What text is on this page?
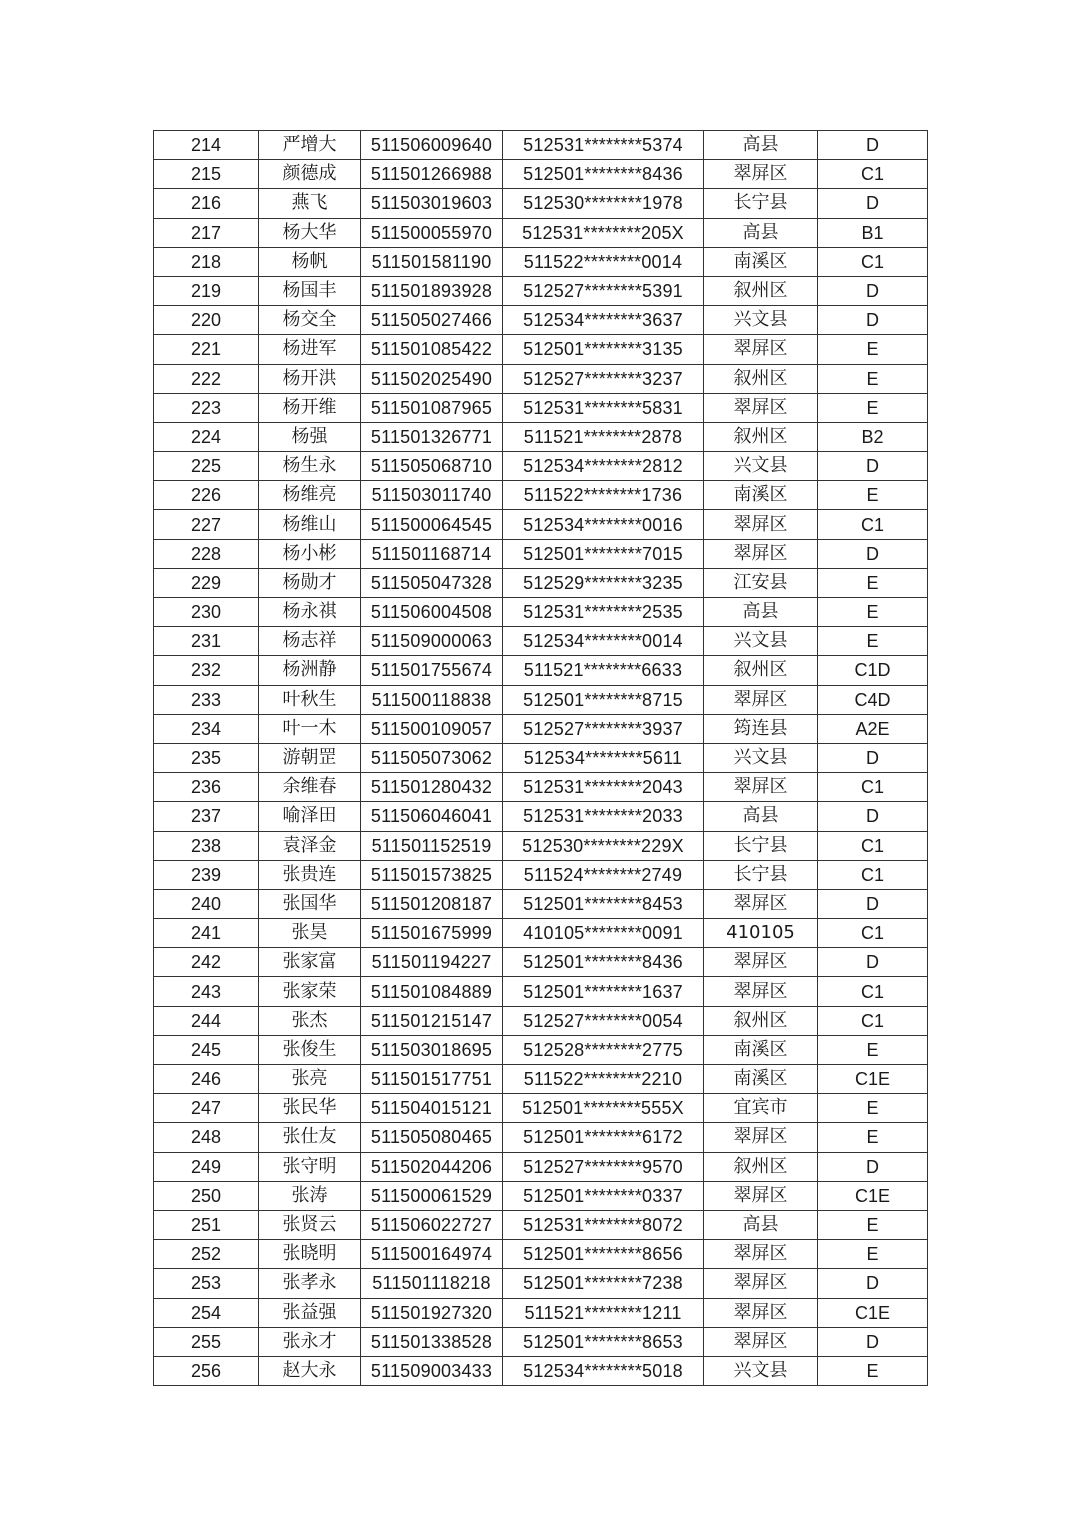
214	严增大	511506009640	512531********5374	高县	D
215	颜德成	511501266988	512501********8436	翠屏区	C1
216	燕飞	511503019603	512530********1978	长宁县	D
217	杨大华	511500055970	512531********205X	高县	B1
218	杨帆	511501581190	511522********0014	南溪区	C1
219	杨国丰	511501893928	512527********5391	叙州区	D
220	杨交全	511505027466	512534********3637	兴文县	D
221	杨进军	511501085422	512501********3135	翠屏区	E
222	杨开洪	511502025490	512527********3237	叙州区	E
223	杨开维	511501087965	512531********5831	翠屏区	E
224	杨强	511501326771	511521********2878	叙州区	B2
225	杨生永	511505068710	512534********2812	兴文县	D
226	杨维亮	511503011740	511522********1736	南溪区	E
227	杨维山	511500064545	512534********0016	翠屏区	C1
228	杨小彬	511501168714	512501********7015	翠屏区	D
229	杨勋才	511505047328	512529********3235	江安县	E
230	杨永祺	511506004508	512531********2535	高县	E
231	杨志祥	511509000063	512534********0014	兴文县	E
232	杨洲静	511501755674	511521********6633	叙州区	C1D
233	叶秋生	511500118838	512501********8715	翠屏区	C4D
234	叶一木	511500109057	512527********3937	筠连县	A2E
235	游朝罡	511505073062	512534********5611	兴文县	D
236	余维春	511501280432	512531********2043	翠屏区	C1
237	喻泽田	511506046041	512531********2033	高县	D
238	袁泽金	511501152519	512530********229X	长宁县	C1
239	张贵连	511501573825	511524********2749	长宁县	C1
240	张国华	511501208187	512501********8453	翠屏区	D
241	张昊	511501675999	410105********0091	410105	C1
242	张家富	511501194227	512501********8436	翠屏区	D
243	张家荣	511501084889	512501********1637	翠屏区	C1
244	张杰	511501215147	512527********0054	叙州区	C1
245	张俊生	511503018695	512528********2775	南溪区	E
246	张亮	511501517751	511522********2210	南溪区	C1E
247	张民华	511504015121	512501********555X	宜宾市	E
248	张仕友	511505080465	512501********6172	翠屏区	E
249	张守明	511502044206	512527********9570	叙州区	D
250	张涛	511500061529	512501********0337	翠屏区	C1E
251	张贤云	511506022727	512531********8072	高县	E
252	张晓明	511500164974	512501********8656	翠屏区	E
253	张孝永	511501118218	512501********7238	翠屏区	D
254	张益强	511501927320	511521********1211	翠屏区	C1E
255	张永才	511501338528	512501********8653	翠屏区	D
256	赵大永	511509003433	512534********5018	兴文县	E
